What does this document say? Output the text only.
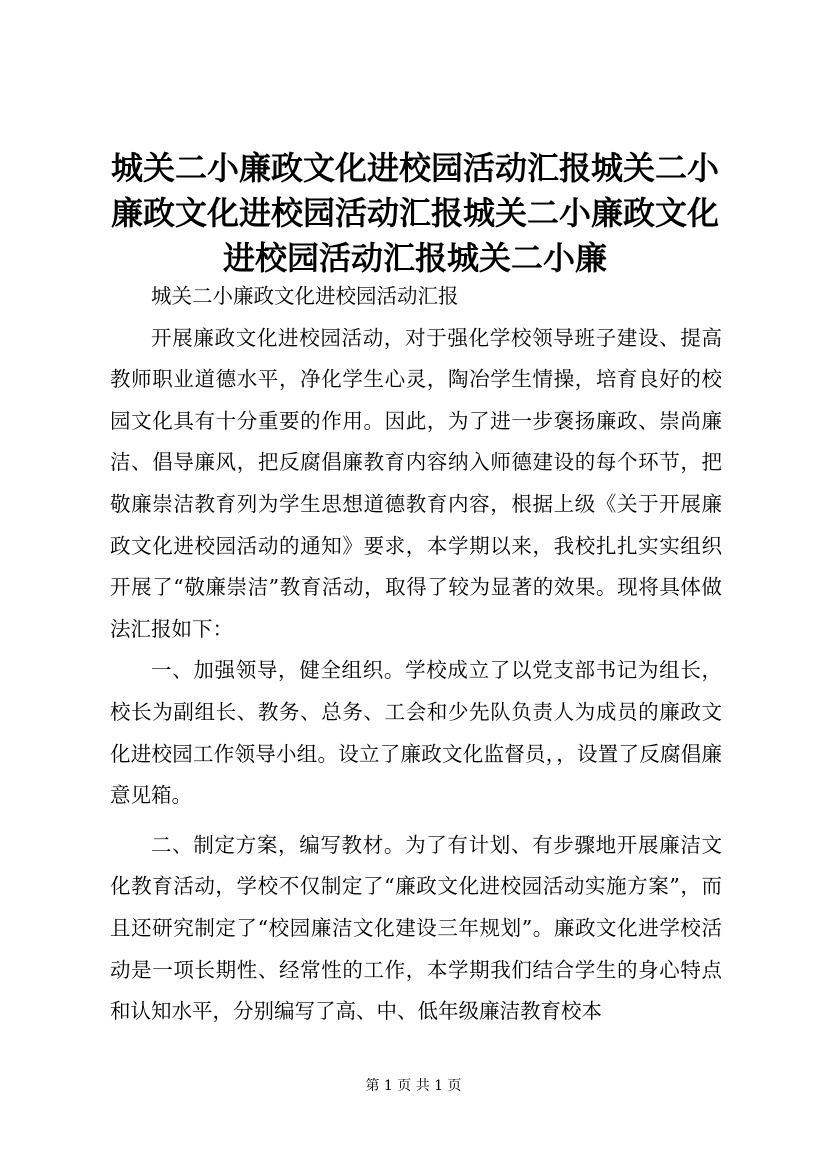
城关二小廉政文化进校园活动汇报城关二小廉政文化进校园活动汇报城关二小廉政文化进校园活动汇报城关二小廉

城关二小廉政文化进校园活动汇报

开展廉政文化进校园活动，对于强化学校领导班子建设、提高教师职业道德水平，净化学生心灵，陶冶学生情操，培育良好的校园文化具有十分重要的作用。因此，为了进一步褒扬廉政、崇尚廉洁、倡导廉风，把反腐倡廉教育内容纳入师德建设的每个环节，把敬廉崇洁教育列为学生思想道德教育内容，根据上级《关于开展廉政文化进校园活动的通知》要求，本学期以来，我校扎扎实实组织开展了“敬廉崇洁”教育活动，取得了较为显著的效果。现将具体做法汇报如下：

一、加强领导，健全组织。学校成立了以党支部书记为组长，校长为副组长、教务、总务、工会和少先队负责人为成员的廉政文化进校园工作领导小组。设立了廉政文化监督员，，设置了反腐倡廉意见箱。

二、制定方案，编写教材。为了有计划、有步骤地开展廉洁文化教育活动，学校不仅制定了“廉政文化进校园活动实施方案”，而且还研究制定了“校园廉洁文化建设三年规划”。廉政文化进学校活动是一项长期性、经常性的工作，本学期我们结合学生的身心特点和认知水平，分别编写了高、中、低年级廉洁教育校本

第 1 页 共 1 页
